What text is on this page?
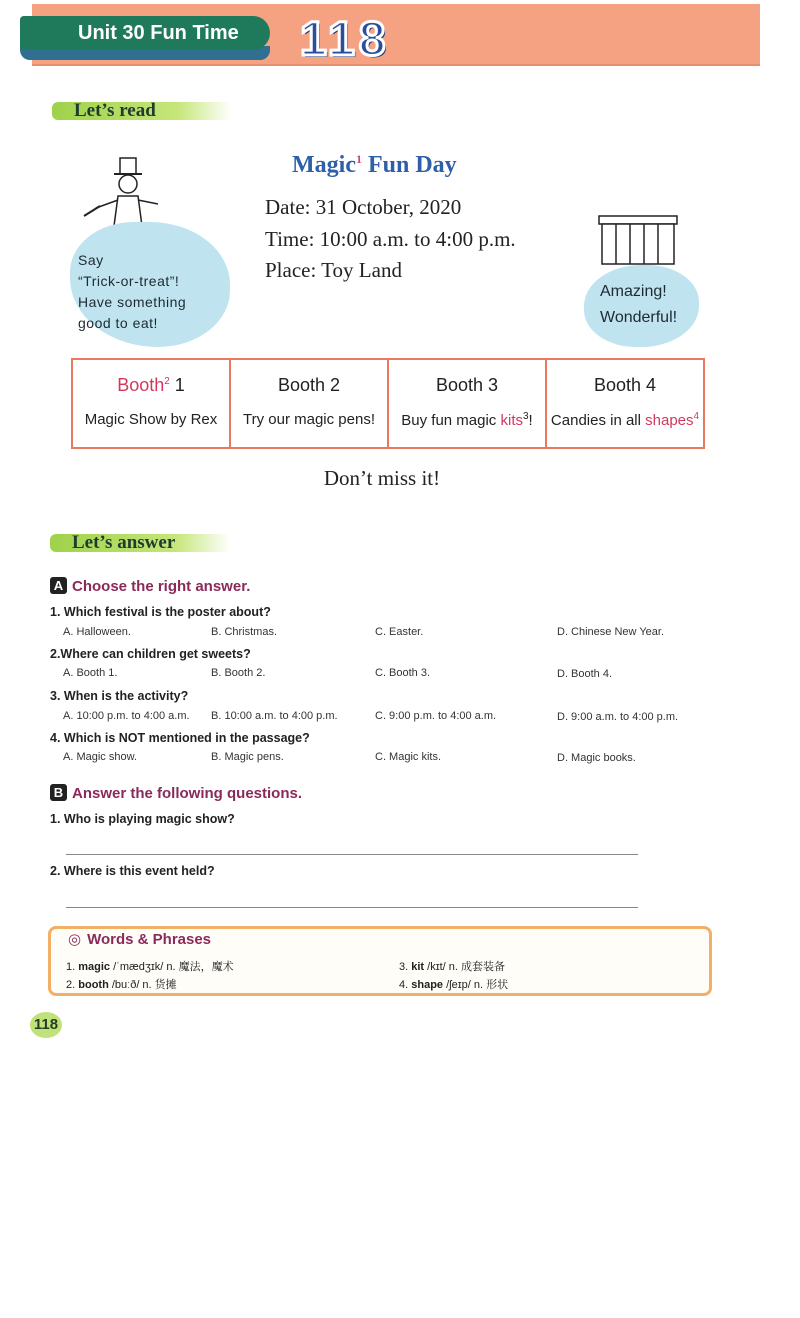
Unit 30 Fun Time	118
Let’s read
Say
“Trick-or-treat”!
Have something
good to eat!
Magic$^1$ Fun Day
Date: 31 October, 2020
Time: 10:00 a.m. to 4:00 p.m.
Place: Toy Land
Amazing!
Wonderful!
Booth$^2$ 1
Magic Show by Rex
Booth 2
Try our magic pens!
Booth 3
Buy fun magic kits$^3$!
Booth 4
Candies in all shapes$^4$
Don’t miss it!
Let’s answer
A Choose the right answer.
1. Which festival is the poster about?
A. Halloween.	B. Christmas.	C. Easter.	D. Chinese New Year.
2.Where can children get sweets?
A. Booth 1.	B. Booth 2.	C. Booth 3.	D. Booth 4.
3. When is the activity?
A. 10:00 p.m. to 4:00 a.m. B. 10:00 a.m. to 4:00 p.m.	C. 9:00 p.m. to 4:00 a.m.	D. 9:00 a.m. to 4:00 p.m.
4. Which is NOT mentioned in the passage?
A. Magic show.	B. Magic pens.	C. Magic kits.	D. Magic books.
B Answer the following questions.
1. Who is playing magic show?
2. Where is this event held?
◎ Words & Phrases
1. magic /ˈmædʒɪk/ n. 魔法，魔术
2. booth /buːð/ n. 货摊
3. kit /kɪt/ n. 成套装备
4. shape /ʃeɪp/ n. 形状
118
